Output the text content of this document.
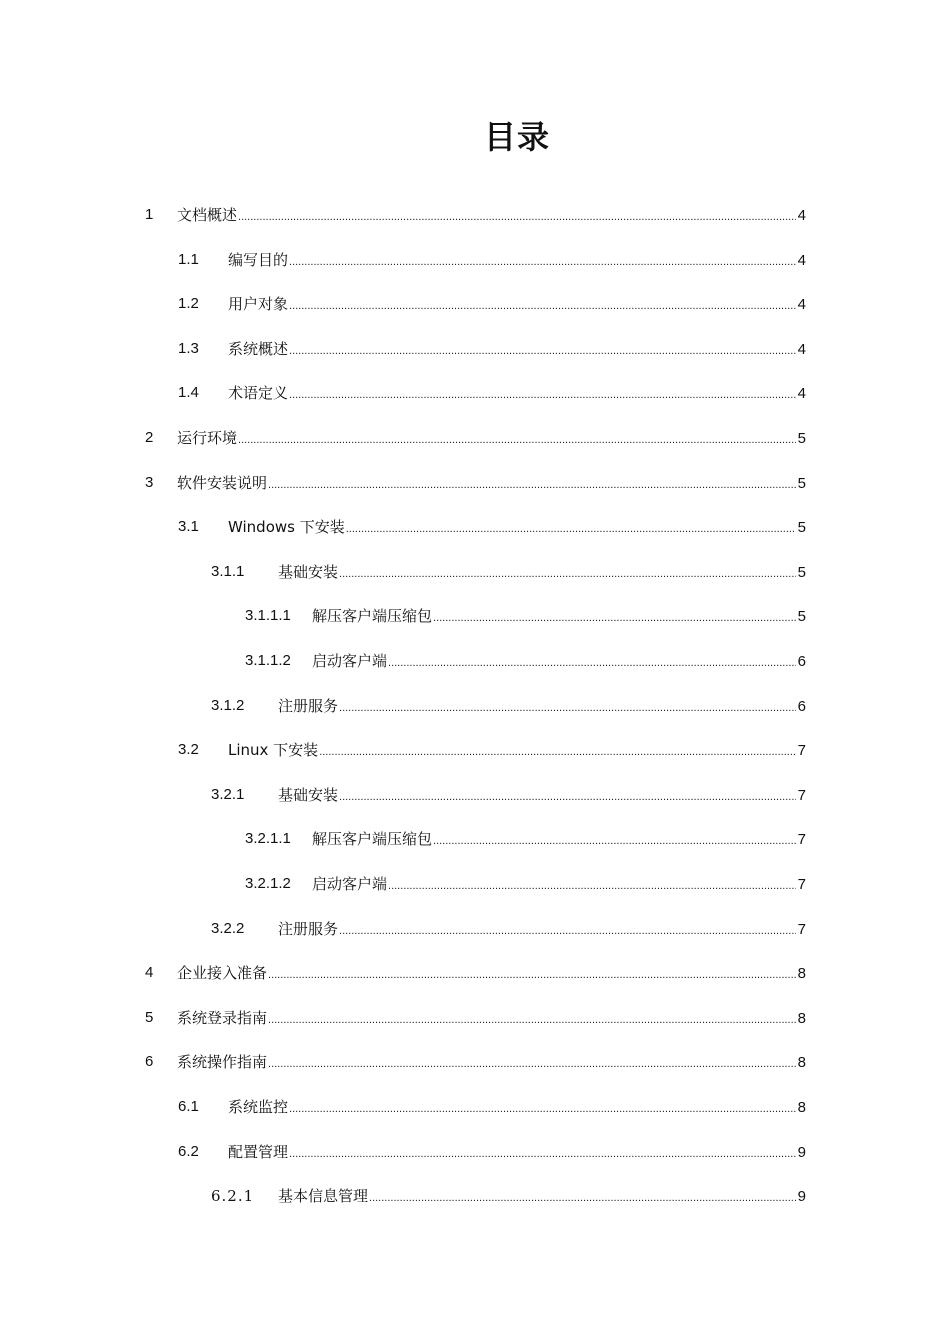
目录
1 文档概述 .....	4
1.1 编写目的 .....	4
1.2 用户对象 .....	4
1.3 系统概述 .....	4
1.4 术语定义 .....	4
2 运行环境 .....	5
3 软件安装说明 .....	5
3.1 Windows 下安装 .....	5
3.1.1 基础安装 .....	5
3.1.1.1 解压客户端压缩包 .....	5
3.1.1.2 启动客户端 .....	6
3.1.2 注册服务 .....	6
3.2 Linux 下安装 .....	7
3.2.1 基础安装 .....	7
3.2.1.1 解压客户端压缩包 .....	7
3.2.1.2 启动客户端 .....	7
3.2.2 注册服务 .....	7
4 企业接入准备 .....	8
5 系统登录指南 .....	8
6 系统操作指南 .....	8
6.1 系统监控 .....	8
6.2 配置管理 .....	9
6.2.1 基本信息管理 .....	9
